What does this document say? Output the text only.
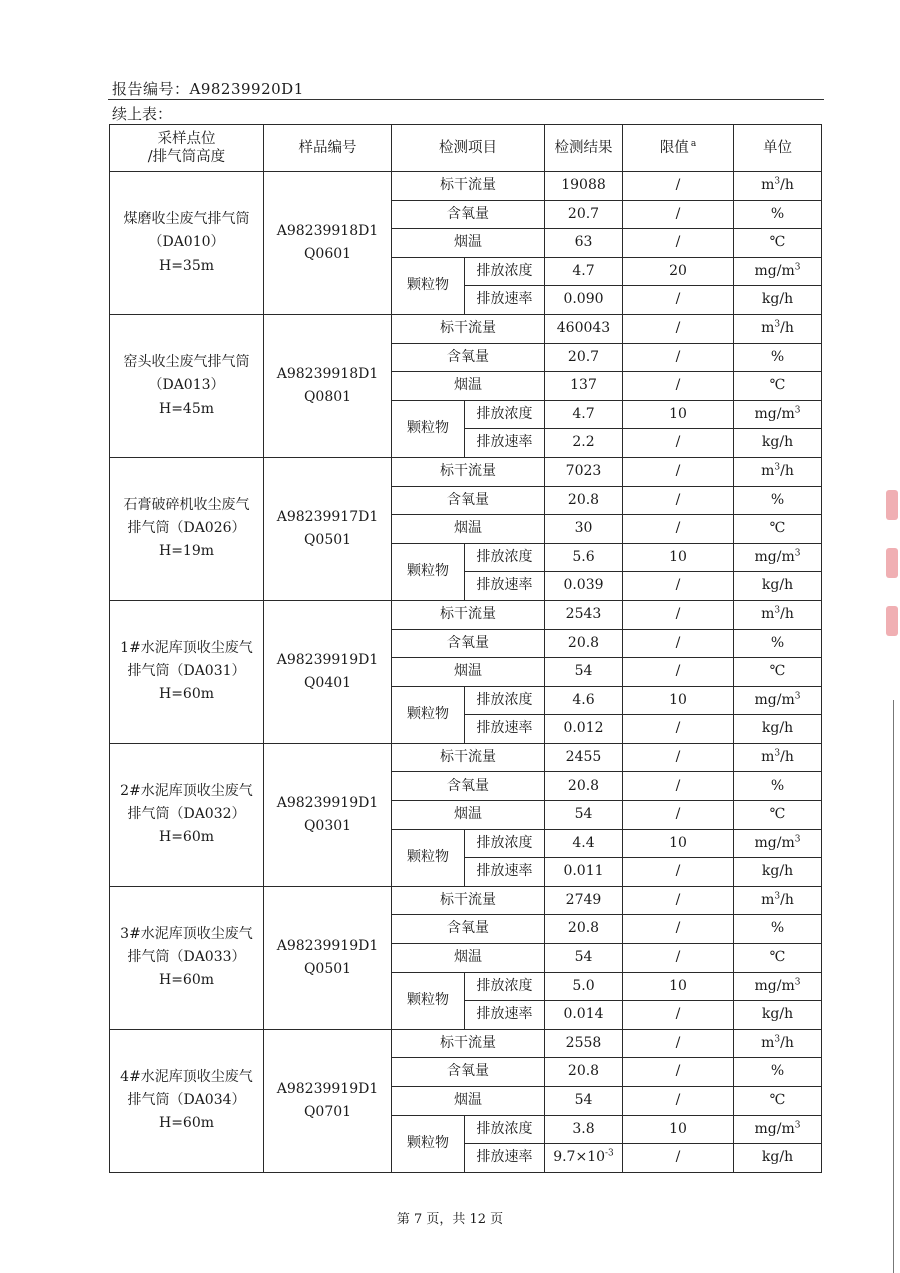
报告编号：A98239920D1
续上表：
采样点位
/排气筒高度	样品编号	检测项目		检测结果	限值 $^a$	单位

煤磨收尘废气排气筒
（DA010）
H=35m	A98239918D1
Q0601	标干流量		19088	/	$m^3/h$
		含氧量		20.7	/	%
		烟温		63	/	℃
		颗粒物	排放浓度	4.7	20	$mg/m^3$
			排放速率	0.090	/	kg/h

窑头收尘废气排气筒
（DA013）
H=45m	A98239918D1
Q0801	标干流量		460043	/	$m^3/h$
		含氧量		20.7	/	%
		烟温		137	/	℃
		颗粒物	排放浓度	4.7	10	$mg/m^3$
			排放速率	2.2	/	kg/h

石膏破碎机收尘废气
排气筒（DA026）
H=19m	A98239917D1
Q0501	标干流量		7023	/	$m^3/h$
		含氧量		20.8	/	%
		烟温		30	/	℃
		颗粒物	排放浓度	5.6	10	$mg/m^3$
			排放速率	0.039	/	kg/h

1#水泥库顶收尘废气
排气筒（DA031）
H=60m	A98239919D1
Q0401	标干流量		2543	/	$m^3/h$
		含氧量		20.8	/	%
		烟温		54	/	℃
		颗粒物	排放浓度	4.6	10	$mg/m^3$
			排放速率	0.012	/	kg/h

2#水泥库顶收尘废气
排气筒（DA032）
H=60m	A98239919D1
Q0301	标干流量		2455	/	$m^3/h$
		含氧量		20.8	/	%
		烟温		54	/	℃
		颗粒物	排放浓度	4.4	10	$mg/m^3$
			排放速率	0.011	/	kg/h

3#水泥库顶收尘废气
排气筒（DA033）
H=60m	A98239919D1
Q0501	标干流量		2749	/	$m^3/h$
		含氧量		20.8	/	%
		烟温		54	/	℃
		颗粒物	排放浓度	5.0	10	$mg/m^3$
			排放速率	0.014	/	kg/h

4#水泥库顶收尘废气
排气筒（DA034）
H=60m	A98239919D1
Q0701	标干流量		2558	/	$m^3/h$
		含氧量		20.8	/	%
		烟温		54	/	℃
		颗粒物	排放浓度	3.8	10	$mg/m^3$
			排放速率	$9.7\times 10^{-3}$	/	kg/h
第 7 页，共 12 页
